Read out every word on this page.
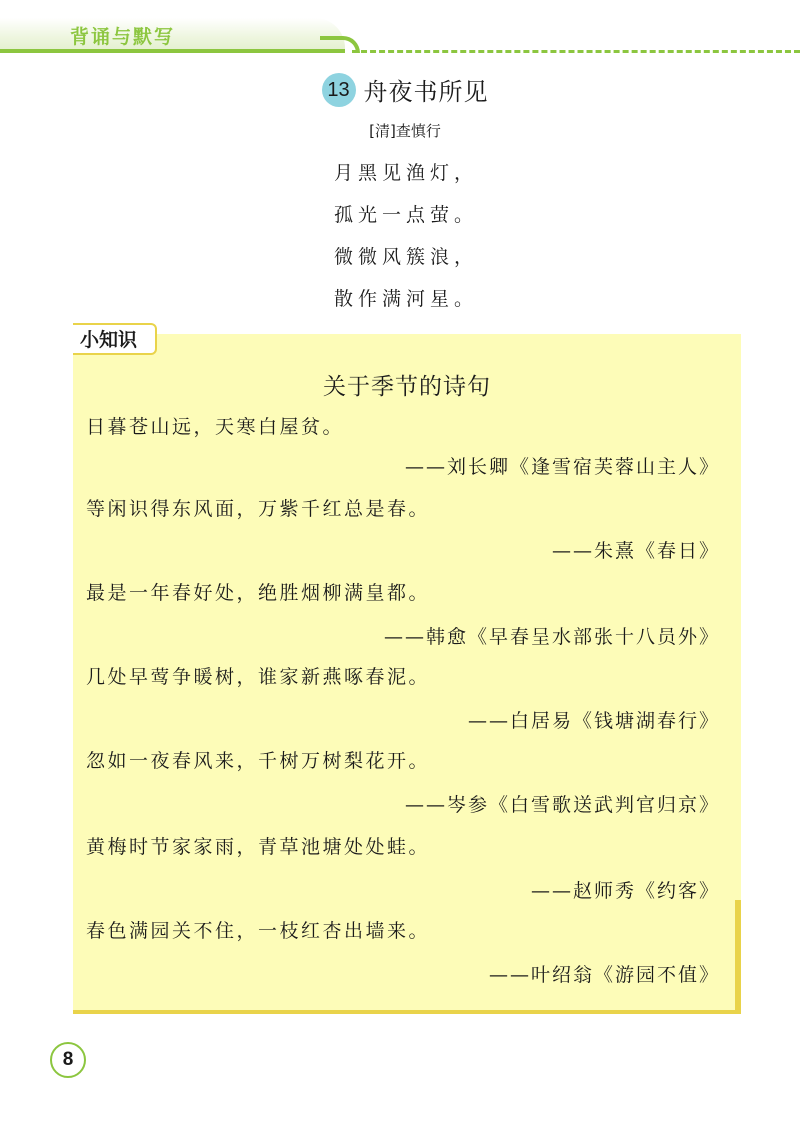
背诵与默写
13 舟夜书所见
[清]查慎行
月黑见渔灯，
孤光一点萤。
微微风簇浪，
散作满河星。
小知识
关于季节的诗句
日暮苍山远，天寒白屋贫。
——刘长卿《逢雪宿芙蓉山主人》
等闲识得东风面，万紫千红总是春。
——朱熹《春日》
最是一年春好处，绝胜烟柳满皇都。
——韩愈《早春呈水部张十八员外》
几处早莺争暖树，谁家新燕啄春泥。
——白居易《钱塘湖春行》
忽如一夜春风来，千树万树梨花开。
——岑参《白雪歌送武判官归京》
黄梅时节家家雨，青草池塘处处蛙。
——赵师秀《约客》
春色满园关不住，一枝红杏出墙来。
——叶绍翁《游园不值》
8
